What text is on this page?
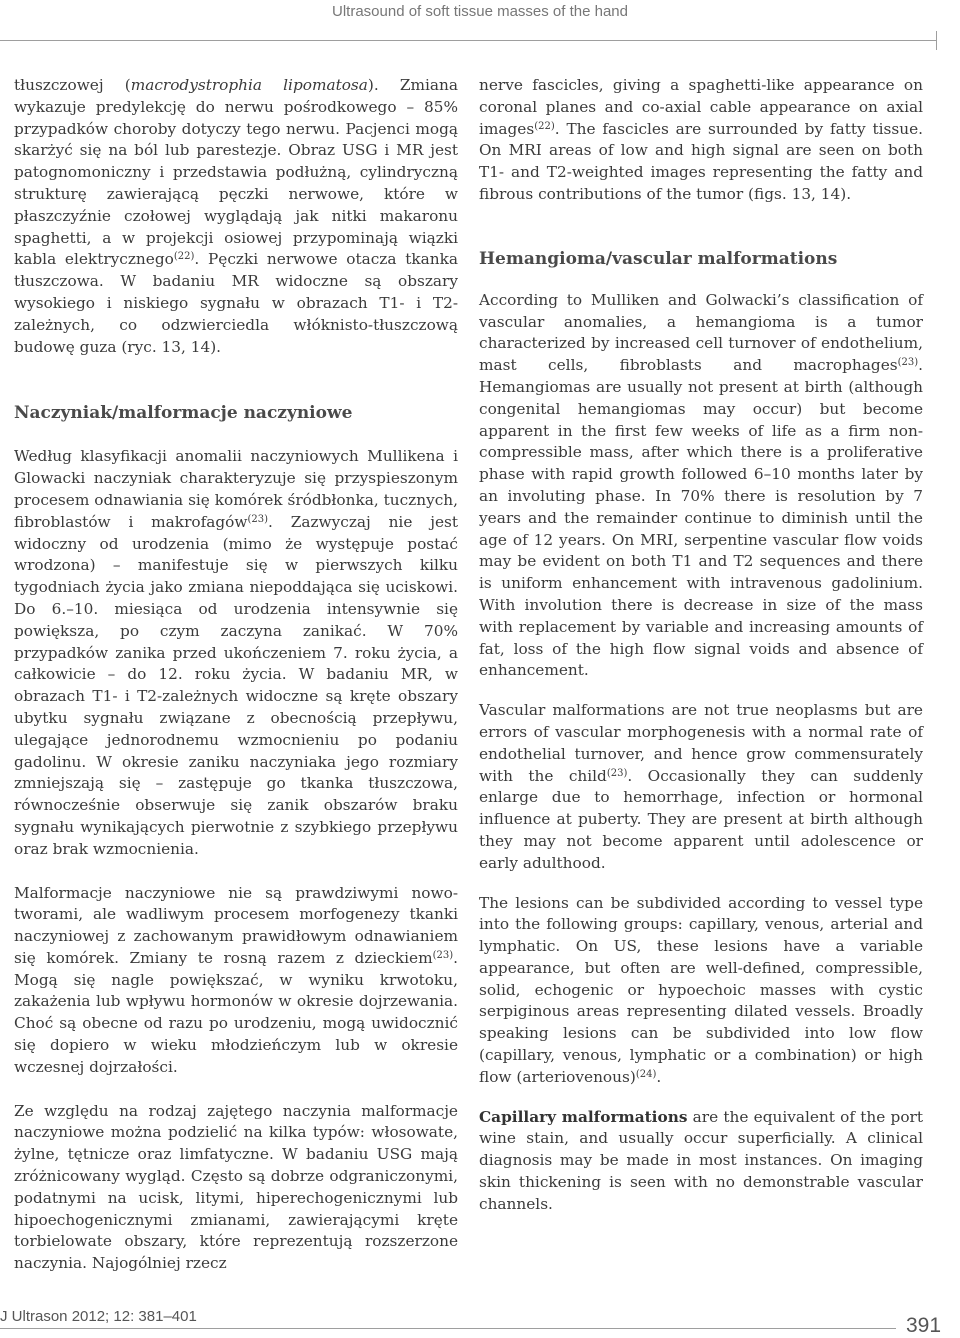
Ultrasound of soft tissue masses of the hand

tłuszczowej (macrodystrophia lipomatosa). Zmiana wykazuje predylekcję do nerwu pośrodkowego – 85% przypadków choroby dotyczy tego nerwu. Pacjenci mogą skarżyć się na ból lub parestezje. Obraz USG i MR jest patognomoniczny i przedstawia podłużną, cylindryczną strukturę zawierającą pęczki nerwowe, które w płaszczyźnie czołowej wyglądają jak nitki makaronu spaghetti, a w projekcji osiowej przypominają wiązki kabla elektrycznego$^{(22)}$. Pęczki nerwowe otacza tkanka tłuszczowa. W badaniu MR widoczne są obszary wysokiego i niskiego sygnału w obrazach T1- i T2-zależnych, co odzwierciedla włóknisto-tłuszczową budowę guza (ryc. 13, 14).

Naczyniak/malformacje naczyniowe

Według klasyfikacji anomalii naczyniowych Mullikena i Glowacki naczyniak charakteryzuje się przyspieszonym procesem odnawiania się komórek śródbłonka, tucznych, fibroblastów i makrofagów$^{(23)}$. Zazwyczaj nie jest widoczny od urodzenia (mimo że występuje postać wrodzona) – manifestuje się w pierwszych kilku tygodniach życia jako zmiana niepoddająca się uciskowi. Do 6.–10. miesiąca od urodzenia intensywnie się powiększa, po czym zaczyna zanikać. W 70% przypadków zanika przed ukończeniem 7. roku życia, a całkowicie – do 12. roku życia. W badaniu MR, w obrazach T1- i T2-zależnych widoczne są kręte obszary ubytku sygnału związane z obecnością przepływu, ulegające jednorodnemu wzmocnieniu po podaniu gadolinu. W okresie zaniku naczyniaka jego rozmiary zmniejszają się – zastępuje go tkanka tłuszczowa, równocześnie obserwuje się zanik obszarów braku sygnału wynikających pierwotnie z szybkiego przepływu oraz brak wzmocnienia.

Malformacje naczyniowe nie są prawdziwymi nowotworami, ale wadliwym procesem morfogenezy tkanki naczyniowej z zachowanym prawidłowym odnawianiem się komórek. Zmiany te rosną razem z dzieckiem$^{(23)}$. Mogą się nagle powiększać, w wyniku krwotoku, zakażenia lub wpływu hormonów w okresie dojrzewania. Choć są obecne od razu po urodzeniu, mogą uwidocznić się dopiero w wieku młodzieńczym lub w okresie wczesnej dojrzałości.

Ze względu na rodzaj zajętego naczynia malformacje naczyniowe można podzielić na kilka typów: włosowate, żylne, tętnicze oraz limfatyczne. W badaniu USG mają zróżnicowany wygląd. Często są dobrze odgraniczonymi, podatnymi na ucisk, litymi, hiperechogenicznymi lub hipoechogenicznymi zmianami, zawierającymi kręte torbielowate obszary, które reprezentują rozszerzone naczynia. Najogólniej rzecz

nerve fascicles, giving a spaghetti-like appearance on coronal planes and co-axial cable appearance on axial images$^{(22)}$. The fascicles are surrounded by fatty tissue. On MRI areas of low and high signal are seen on both T1- and T2-weighted images representing the fatty and fibrous contributions of the tumor (figs. 13, 14).

Hemangioma/vascular malformations

According to Mulliken and Golwacki’s classification of vascular anomalies, a hemangioma is a tumor characterized by increased cell turnover of endothelium, mast cells, fibroblasts and macrophages$^{(23)}$. Hemangiomas are usually not present at birth (although congenital hemangiomas may occur) but become apparent in the first few weeks of life as a firm non-compressible mass, after which there is a proliferative phase with rapid growth followed 6–10 months later by an involuting phase. In 70% there is resolution by 7 years and the remainder continue to diminish until the age of 12 years. On MRI, serpentine vascular flow voids may be evident on both T1 and T2 sequences and there is uniform enhancement with intravenous gadolinium. With involution there is decrease in size of the mass with replacement by variable and increasing amounts of fat, loss of the high flow signal voids and absence of enhancement.

Vascular malformations are not true neoplasms but are errors of vascular morphogenesis with a normal rate of endothelial turnover, and hence grow commensurately with the child$^{(23)}$. Occasionally they can suddenly enlarge due to hemorrhage, infection or hormonal influence at puberty. They are present at birth although they may not become apparent until adolescence or early adulthood.

The lesions can be subdivided according to vessel type into the following groups: capillary, venous, arterial and lymphatic. On US, these lesions have a variable appearance, but often are well-defined, compressible, solid, echogenic or hypoechoic masses with cystic serpiginous areas representing dilated vessels. Broadly speaking lesions can be subdivided into low flow (capillary, venous, lymphatic or a combination) or high flow (arteriovenous)$^{(24)}$.

Capillary malformations are the equivalent of the port wine stain, and usually occur superficially. A clinical diagnosis may be made in most instances. On imaging skin thickening is seen with no demonstrable vascular channels.

J Ultrason 2012; 12: 381–401	391
